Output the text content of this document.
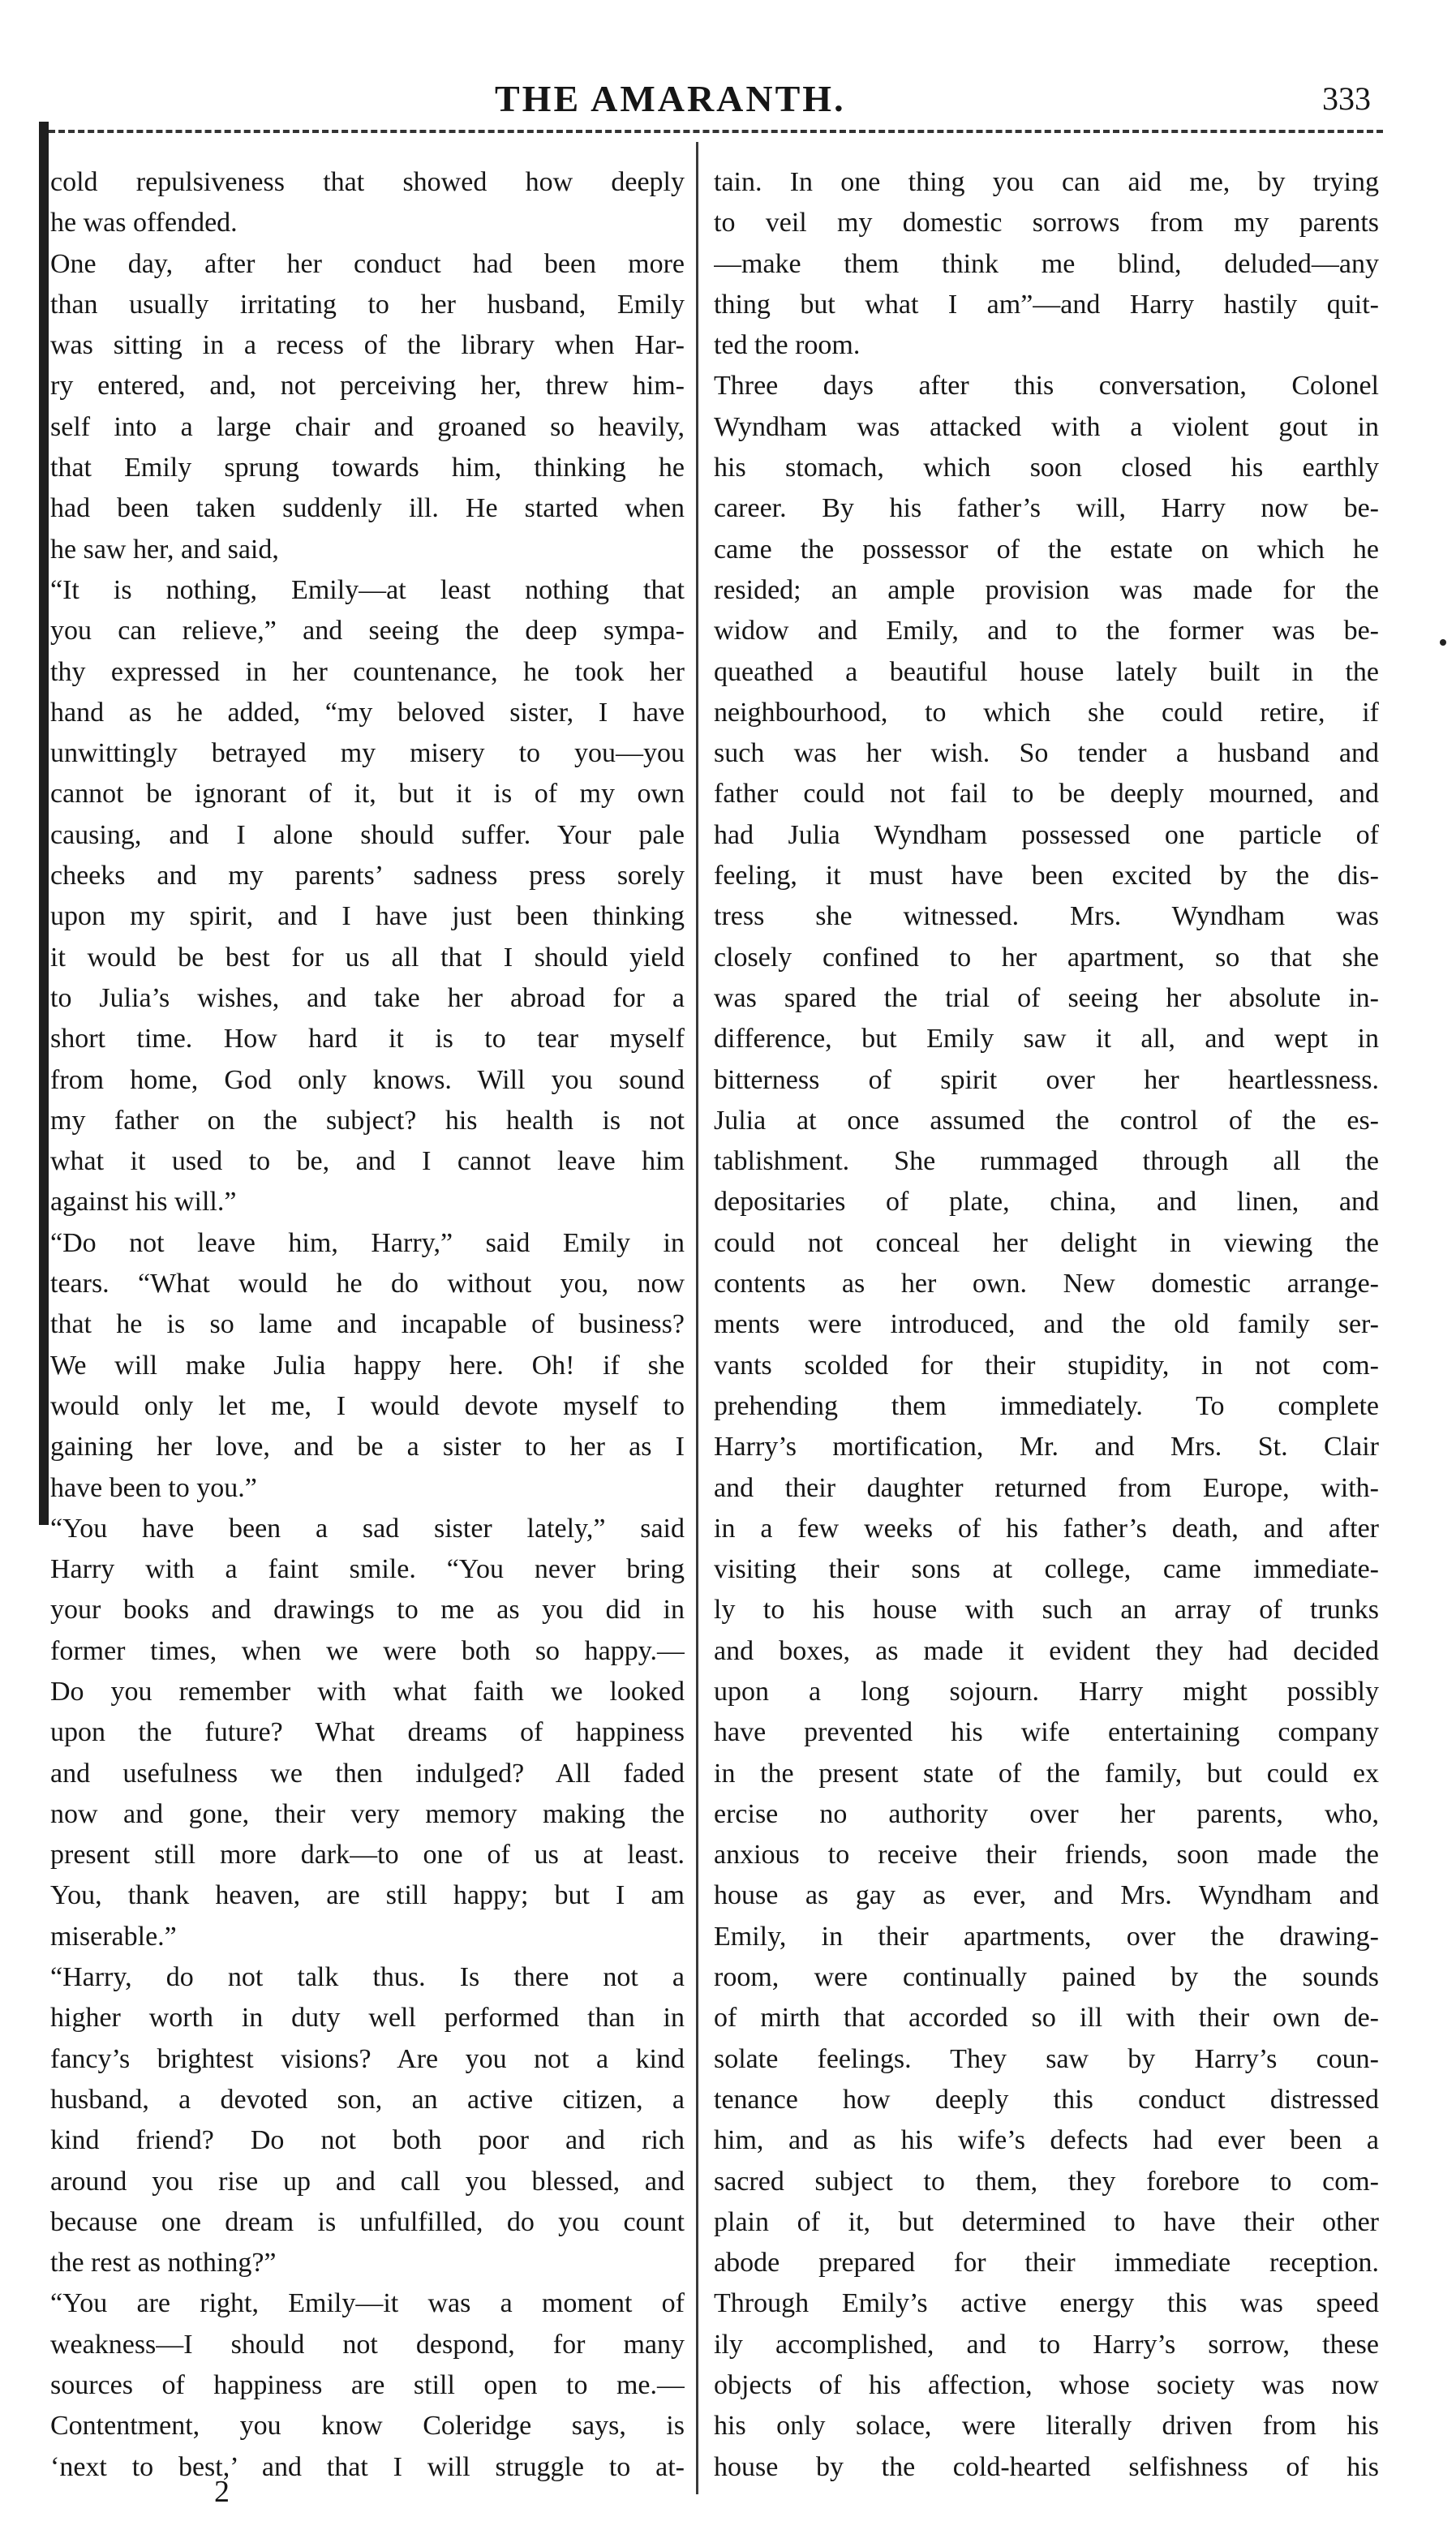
THE AMARANTH.	333
cold repulsiveness that showed how deeply
he was offended.
One day, after her conduct had been more
than usually irritating to her husband, Emily
was sitting in a recess of the library when Har-
ry entered, and, not perceiving her, threw him-
self into a large chair and groaned so heavily,
that Emily sprung towards him, thinking he
had been taken suddenly ill. He started when
he saw her, and said,
“It is nothing, Emily—at least nothing that
you can relieve,” and seeing the deep sympa-
thy expressed in her countenance, he took her
hand as he added, “my beloved sister, I have
unwittingly betrayed my misery to you—you
cannot be ignorant of it, but it is of my own
causing, and I alone should suffer. Your pale
cheeks and my parents’ sadness press sorely
upon my spirit, and I have just been thinking
it would be best for us all that I should yield
to Julia’s wishes, and take her abroad for a
short time. How hard it is to tear myself
from home, God only knows. Will you sound
my father on the subject? his health is not
what it used to be, and I cannot leave him
against his will.”
“Do not leave him, Harry,” said Emily in
tears. “What would he do without you, now
that he is so lame and incapable of business?
We will make Julia happy here. Oh! if she
would only let me, I would devote myself to
gaining her love, and be a sister to her as I
have been to you.”
“You have been a sad sister lately,” said
Harry with a faint smile. “You never bring
your books and drawings to me as you did in
former times, when we were both so happy.—
Do you remember with what faith we looked
upon the future? What dreams of happiness
and usefulness we then indulged? All faded
now and gone, their very memory making the
present still more dark—to one of us at least.
You, thank heaven, are still happy; but I am
miserable.”
“Harry, do not talk thus. Is there not a
higher worth in duty well performed than in
fancy’s brightest visions? Are you not a kind
husband, a devoted son, an active citizen, a
kind friend? Do not both poor and rich
around you rise up and call you blessed, and
because one dream is unfulfilled, do you count
the rest as nothing?”
“You are right, Emily—it was a moment of
weakness—I should not despond, for many
sources of happiness are still open to me.—
Contentment, you know Coleridge says, is
‘next to best,’ and that I will struggle to at-
tain. In one thing you can aid me, by trying
to veil my domestic sorrows from my parents
—make them think me blind, deluded—any
thing but what I am”—and Harry hastily quit-
ted the room.
Three days after this conversation, Colonel
Wyndham was attacked with a violent gout in
his stomach, which soon closed his earthly
career. By his father’s will, Harry now be-
came the possessor of the estate on which he
resided; an ample provision was made for the
widow and Emily, and to the former was be-
queathed a beautiful house lately built in the
neighbourhood, to which she could retire, if
such was her wish. So tender a husband and
father could not fail to be deeply mourned, and
had Julia Wyndham possessed one particle of
feeling, it must have been excited by the dis-
tress she witnessed. Mrs. Wyndham was
closely confined to her apartment, so that she
was spared the trial of seeing her absolute in-
difference, but Emily saw it all, and wept in
bitterness of spirit over her heartlessness.
Julia at once assumed the control of the es-
tablishment. She rummaged through all the
depositaries of plate, china, and linen, and
could not conceal her delight in viewing the
contents as her own. New domestic arrange-
ments were introduced, and the old family ser-
vants scolded for their stupidity, in not com-
prehending them immediately. To complete
Harry’s mortification, Mr. and Mrs. St. Clair
and their daughter returned from Europe, with-
in a few weeks of his father’s death, and after
visiting their sons at college, came immediate-
ly to his house with such an array of trunks
and boxes, as made it evident they had decided
upon a long sojourn. Harry might possibly
have prevented his wife entertaining company
in the present state of the family, but could ex
ercise no authority over her parents, who,
anxious to receive their friends, soon made the
house as gay as ever, and Mrs. Wyndham and
Emily, in their apartments, over the drawing-
room, were continually pained by the sounds
of mirth that accorded so ill with their own de-
solate feelings. They saw by Harry’s coun-
tenance how deeply this conduct distressed
him, and as his wife’s defects had ever been a
sacred subject to them, they forebore to com-
plain of it, but determined to have their other
abode prepared for their immediate reception.
Through Emily’s active energy this was speed
ily accomplished, and to Harry’s sorrow, these
objects of his affection, whose society was now
his only solace, were literally driven from his
house by the cold-hearted selfishness of his
2
